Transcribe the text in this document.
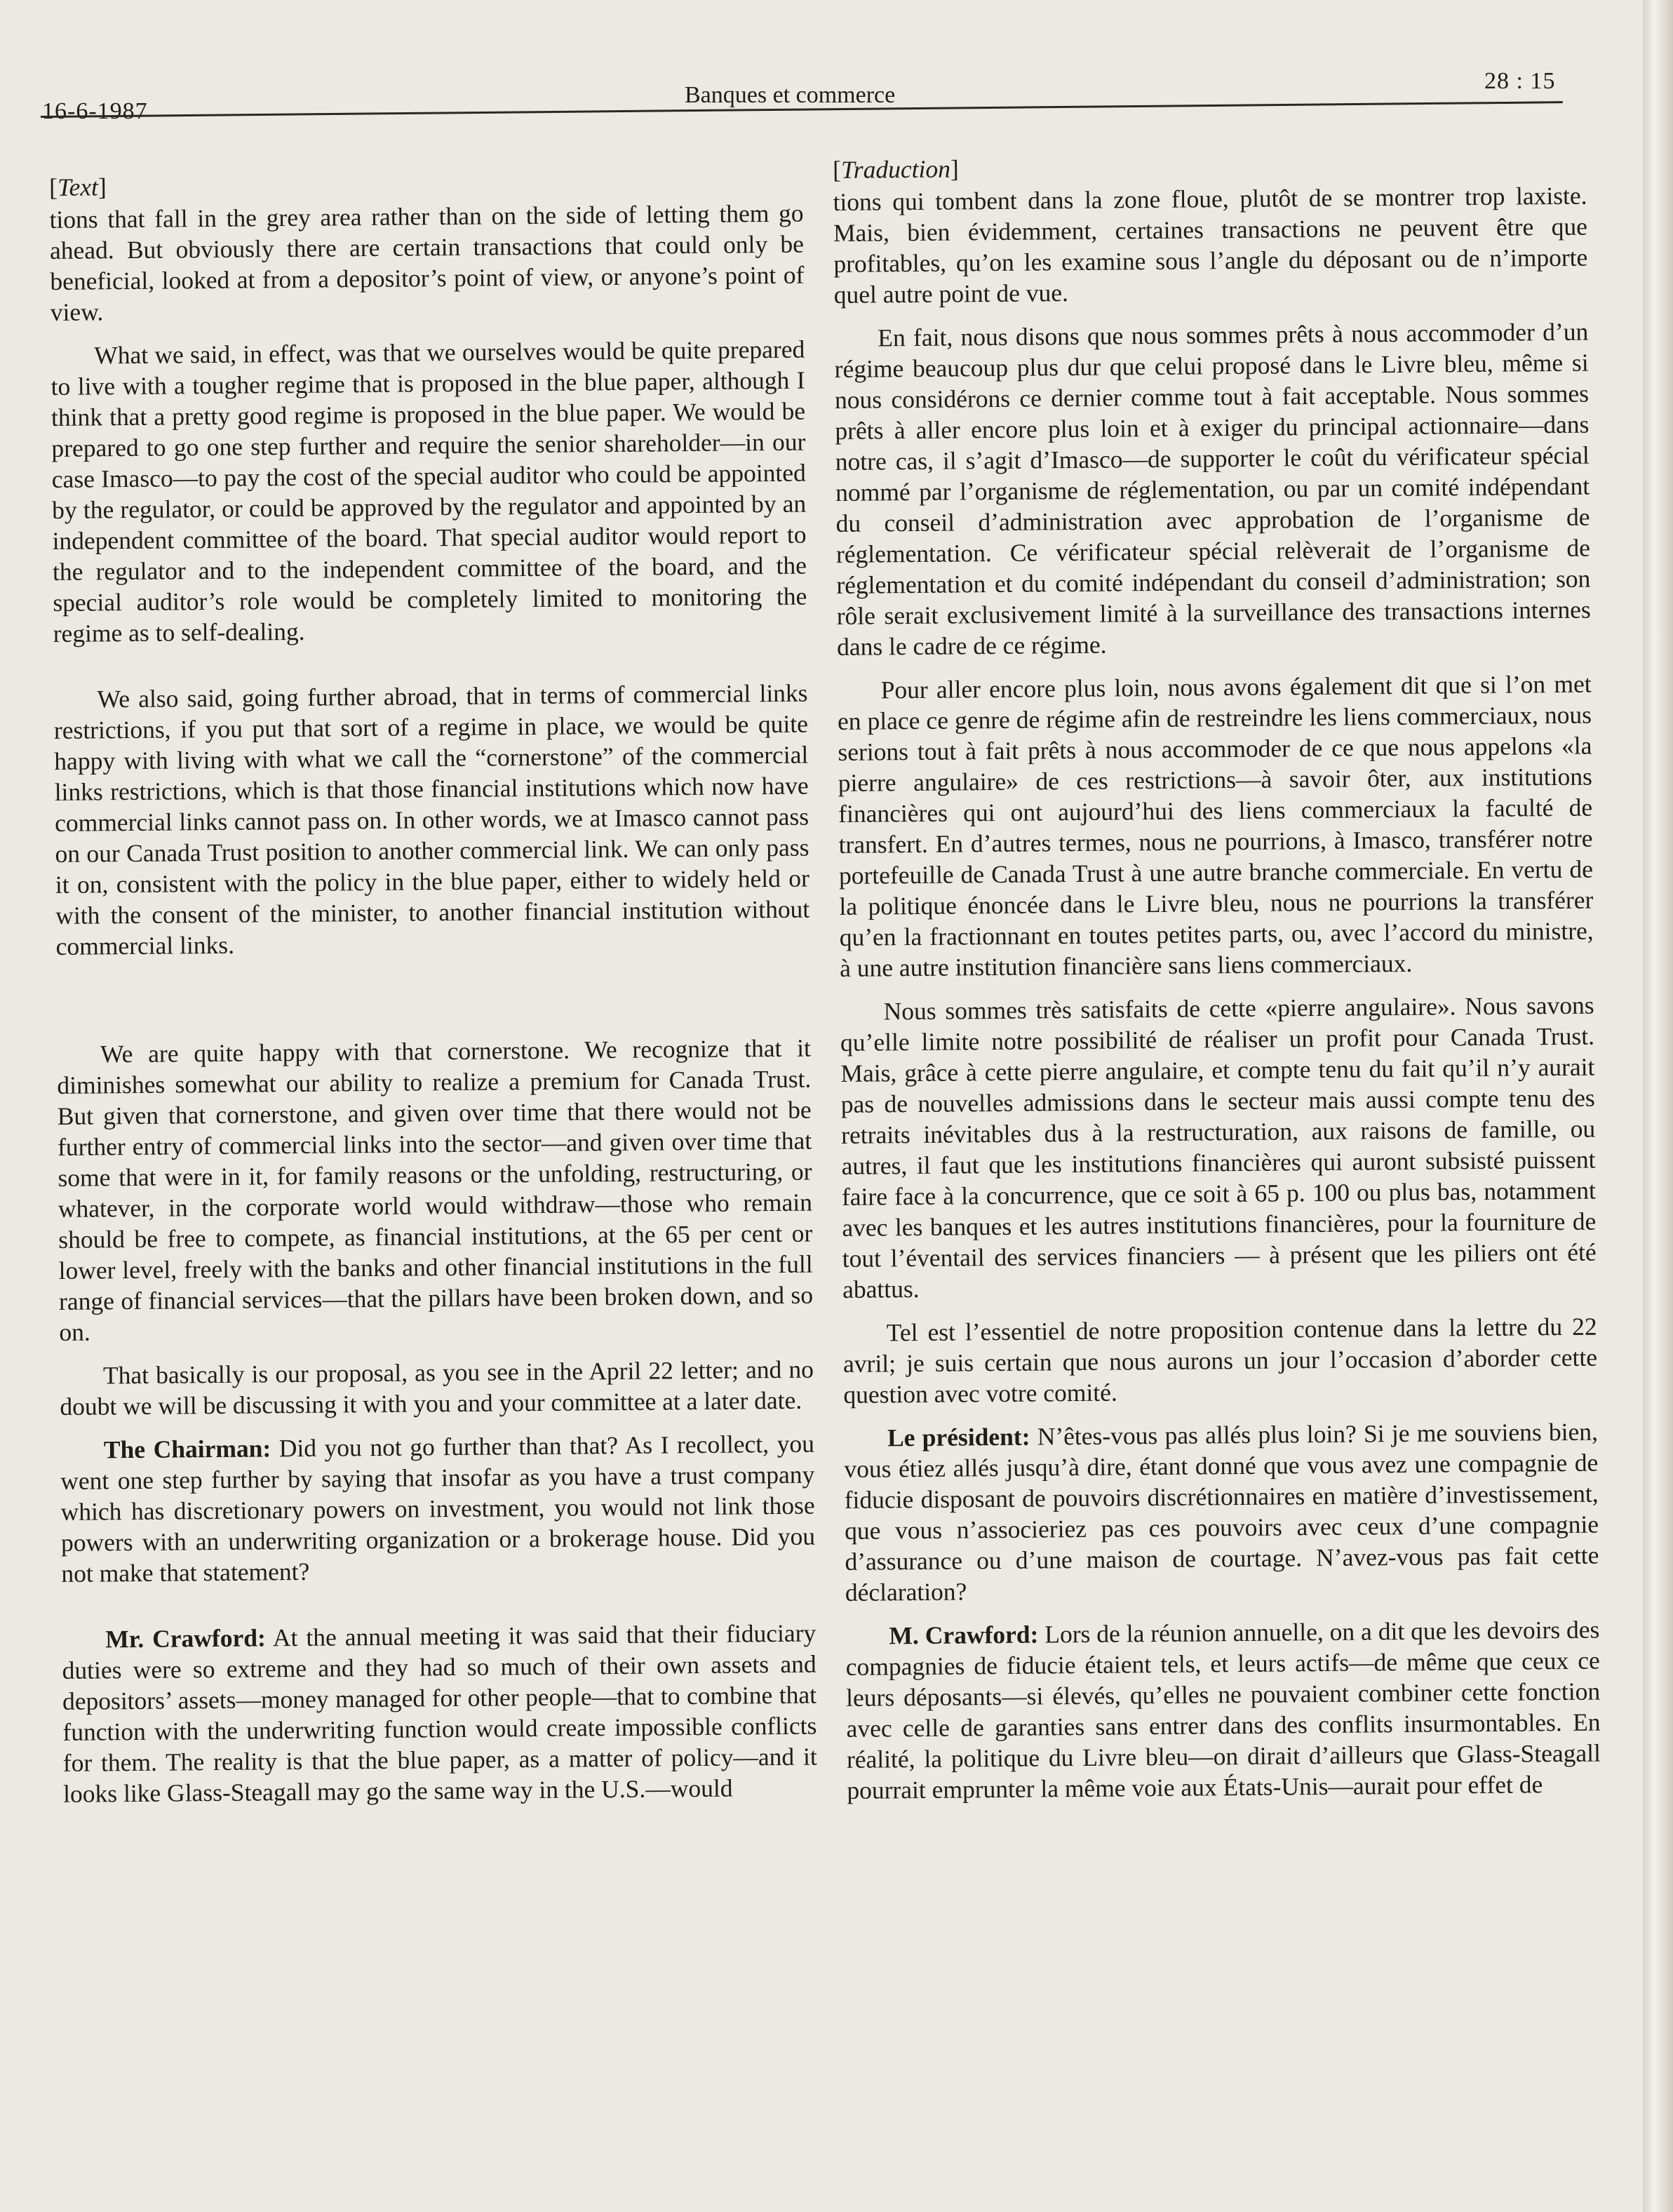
16-6-1987
Banques et commerce
28 : 15
[Text]

tions that fall in the grey area rather than on the side of letting them go ahead. But obviously there are certain transactions that could only be beneficial, looked at from a depositor’s point of view, or anyone’s point of view.

What we said, in effect, was that we ourselves would be quite prepared to live with a tougher regime that is proposed in the blue paper, although I think that a pretty good regime is proposed in the blue paper. We would be prepared to go one step further and require the senior shareholder—in our case Imasco—to pay the cost of the special auditor who could be appointed by the regulator, or could be approved by the regulator and appointed by an independent committee of the board. That special auditor would report to the regulator and to the independent committee of the board, and the special auditor’s role would be completely limited to monitoring the regime as to self-dealing.

We also said, going further abroad, that in terms of commercial links restrictions, if you put that sort of a regime in place, we would be quite happy with living with what we call the “cornerstone” of the commercial links restrictions, which is that those financial institutions which now have commercial links cannot pass on. In other words, we at Imasco cannot pass on our Canada Trust position to another commercial link. We can only pass it on, consistent with the policy in the blue paper, either to widely held or with the consent of the minister, to another financial institution without commercial links.

We are quite happy with that cornerstone. We recognize that it diminishes somewhat our ability to realize a premium for Canada Trust. But given that cornerstone, and given over time that there would not be further entry of commercial links into the sector—and given over time that some that were in it, for family reasons or the unfolding, restructuring, or whatever, in the corporate world would withdraw—those who remain should be free to compete, as financial institutions, at the 65 per cent or lower level, freely with the banks and other financial institutions in the full range of financial services—that the pillars have been broken down, and so on.

That basically is our proposal, as you see in the April 22 letter; and no doubt we will be discussing it with you and your committee at a later date.

The Chairman: Did you not go further than that? As I recollect, you went one step further by saying that insofar as you have a trust company which has discretionary powers on investment, you would not link those powers with an underwriting organization or a brokerage house. Did you not make that statement?

Mr. Crawford: At the annual meeting it was said that their fiduciary duties were so extreme and they had so much of their own assets and depositors’ assets—money managed for other people—that to combine that function with the underwriting function would create impossible conflicts for them. The reality is that the blue paper, as a matter of policy—and it looks like Glass-Steagall may go the same way in the U.S.—would

[Traduction]

tions qui tombent dans la zone floue, plutôt de se montrer trop laxiste. Mais, bien évidemment, certaines transactions ne peuvent être que profitables, qu’on les examine sous l’angle du déposant ou de n’importe quel autre point de vue.

En fait, nous disons que nous sommes prêts à nous accommoder d’un régime beaucoup plus dur que celui proposé dans le Livre bleu, même si nous considérons ce dernier comme tout à fait acceptable. Nous sommes prêts à aller encore plus loin et à exiger du principal actionnaire—dans notre cas, il s’agit d’Imasco—de supporter le coût du vérificateur spécial nommé par l’organisme de réglementation, ou par un comité indépendant du conseil d’administration avec approbation de l’organisme de réglementation. Ce vérificateur spécial relèverait de l’organisme de réglementation et du comité indépendant du conseil d’administration; son rôle serait exclusivement limité à la surveillance des transactions internes dans le cadre de ce régime.

Pour aller encore plus loin, nous avons également dit que si l’on met en place ce genre de régime afin de restreindre les liens commerciaux, nous serions tout à fait prêts à nous accommoder de ce que nous appelons «la pierre angulaire» de ces restrictions—à savoir ôter, aux institutions financières qui ont aujourd’hui des liens commerciaux la faculté de transfert. En d’autres termes, nous ne pourrions, à Imasco, transférer notre portefeuille de Canada Trust à une autre branche commerciale. En vertu de la politique énoncée dans le Livre bleu, nous ne pourrions la transférer qu’en la fractionnant en toutes petites parts, ou, avec l’accord du ministre, à une autre institution financière sans liens commerciaux.

Nous sommes très satisfaits de cette «pierre angulaire». Nous savons qu’elle limite notre possibilité de réaliser un profit pour Canada Trust. Mais, grâce à cette pierre angulaire, et compte tenu du fait qu’il n’y aurait pas de nouvelles admissions dans le secteur mais aussi compte tenu des retraits inévitables dus à la restructuration, aux raisons de famille, ou autres, il faut que les institutions financières qui auront subsisté puissent faire face à la concurrence, que ce soit à 65 p. 100 ou plus bas, notamment avec les banques et les autres institutions financières, pour la fourniture de tout l’éventail des services financiers — à présent que les piliers ont été abattus.

Tel est l’essentiel de notre proposition contenue dans la lettre du 22 avril; je suis certain que nous aurons un jour l’occasion d’aborder cette question avec votre comité.

Le président: N’êtes-vous pas allés plus loin? Si je me souviens bien, vous étiez allés jusqu’à dire, étant donné que vous avez une compagnie de fiducie disposant de pouvoirs discrétionnaires en matière d’investissement, que vous n’associeriez pas ces pouvoirs avec ceux d’une compagnie d’assurance ou d’une maison de courtage. N’avez-vous pas fait cette déclaration?

M. Crawford: Lors de la réunion annuelle, on a dit que les devoirs des compagnies de fiducie étaient tels, et leurs actifs—de même que ceux ce leurs déposants—si élevés, qu’elles ne pouvaient combiner cette fonction avec celle de garanties sans entrer dans des conflits insurmontables. En réalité, la politique du Livre bleu—on dirait d’ailleurs que Glass-Steagall pourrait emprunter la même voie aux États-Unis—aurait pour effet de
